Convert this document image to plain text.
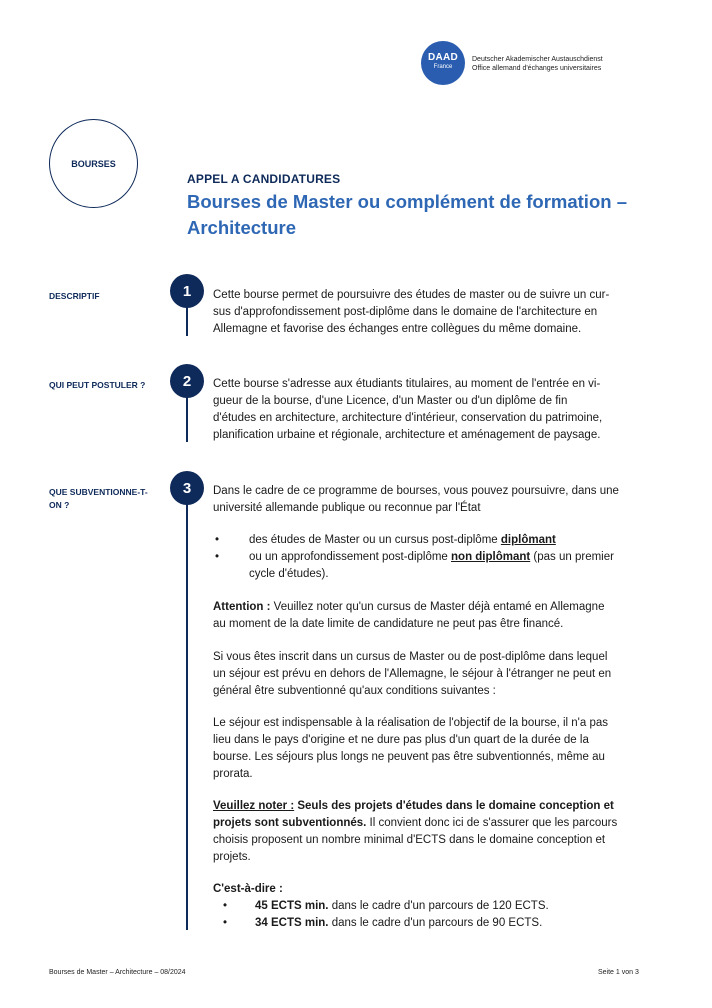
DAAD
France
Deutscher Akademischer Austauschdienst
Office allemand d'échanges universitaires
BOURSES
APPEL A CANDIDATURES
Bourses de Master ou complément de formation –
Architecture
DESCRIPTIF	1	Cette bourse permet de poursuivre des études de master ou de suivre un cur-

sus d'approfondissement post-diplôme dans le domaine de l'architecture en

Allemagne et favorise des échanges entre collègues du même domaine.

QUI PEUT POSTULER ?	2	Cette bourse s'adresse aux étudiants titulaires, au moment de l'entrée en vi-

gueur de la bourse, d'une Licence, d'un Master ou d'un diplôme de fin

d'études en architecture, architecture d'intérieur, conservation du patrimoine,

planification urbaine et régionale, architecture et aménagement de paysage.

QUE SUBVENTIONNE-T-
ON ?
3	Dans le cadre de ce programme de bourses, vous pouvez poursuivre, dans une

université allemande publique ou reconnue par l'État

•	des études de Master ou un cursus post-diplôme diplômant
•	ou un approfondissement post-diplôme non diplômant (pas un premier
cycle d'études).

Attention : Veuillez noter qu'un cursus de Master déjà entamé en Allemagne

au moment de la date limite de candidature ne peut pas être financé.

Si vous êtes inscrit dans un cursus de Master ou de post-diplôme dans lequel

un séjour est prévu en dehors de l'Allemagne, le séjour à l'étranger ne peut en

général être subventionné qu'aux conditions suivantes :

Le séjour est indispensable à la réalisation de l'objectif de la bourse, il n'a pas

lieu dans le pays d'origine et ne dure pas plus d'un quart de la durée de la

bourse. Les séjours plus longs ne peuvent pas être subventionnés, même au

prorata.

Veuillez noter : Seuls des projets d'études dans le domaine conception et

projets sont subventionnés. Il convient donc ici de s'assurer que les parcours

choisis proposent un nombre minimal d'ECTS dans le domaine conception et

projets.

C'est-à-dire :

• 45 ECTS min. dans le cadre d'un parcours de 120 ECTS.
• 34 ECTS min. dans le cadre d'un parcours de 90 ECTS.
Bourses de Master – Architecture – 08/2024	Seite 1 von 3
